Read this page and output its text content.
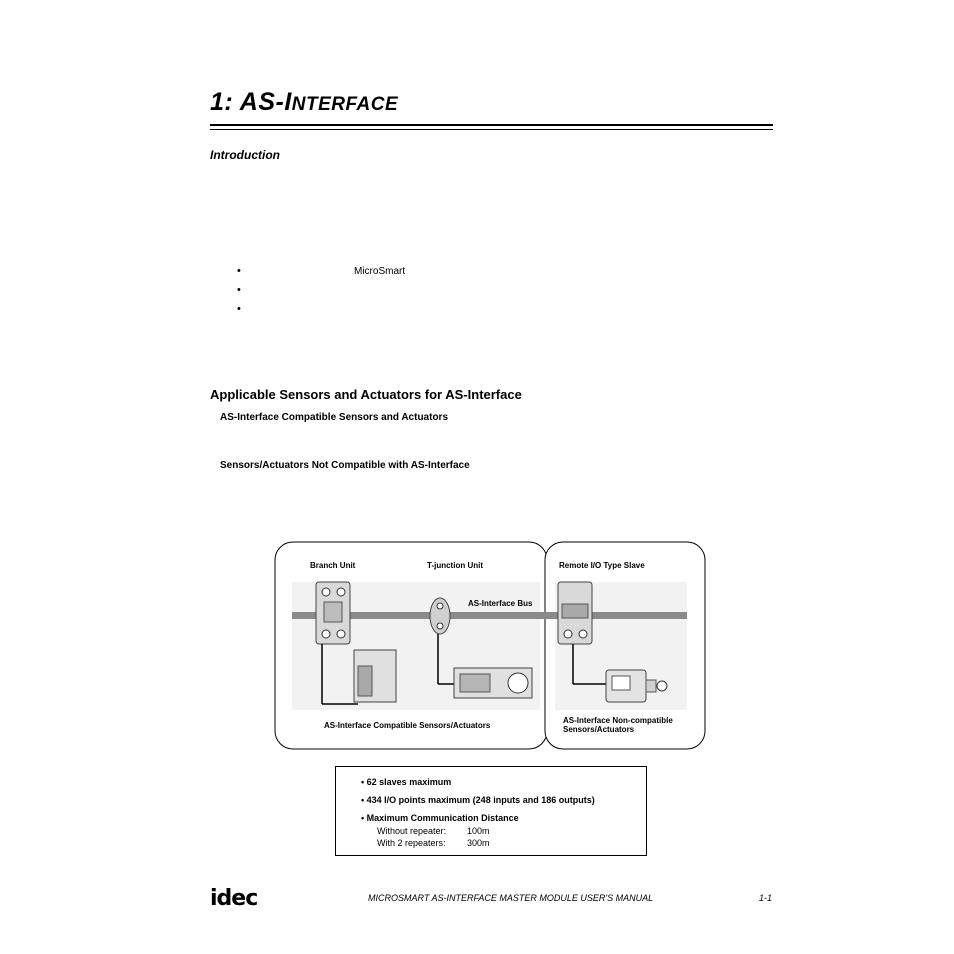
1: AS-INTERFACE
Introduction
•	MicroSmart
•
•
Applicable Sensors and Actuators for AS-Interface
AS-Interface Compatible Sensors and Actuators
Sensors/Actuators Not Compatible with AS-Interface
Branch Unit	T-junction Unit	Remote I/O Type Slave
AS-Interface Bus
AS-Interface Compatible Sensors/Actuators
AS-Interface Non-compatible
Sensors/Actuators
• 62 slaves maximum
• 434 I/O points maximum (248 inputs and 186 outputs)
• Maximum Communication Distance
Without repeater: 100m
With 2 repeaters: 300m
idec	MICROSMART AS-INTERFACE MASTER MODULE USER'S MANUAL	1-1
